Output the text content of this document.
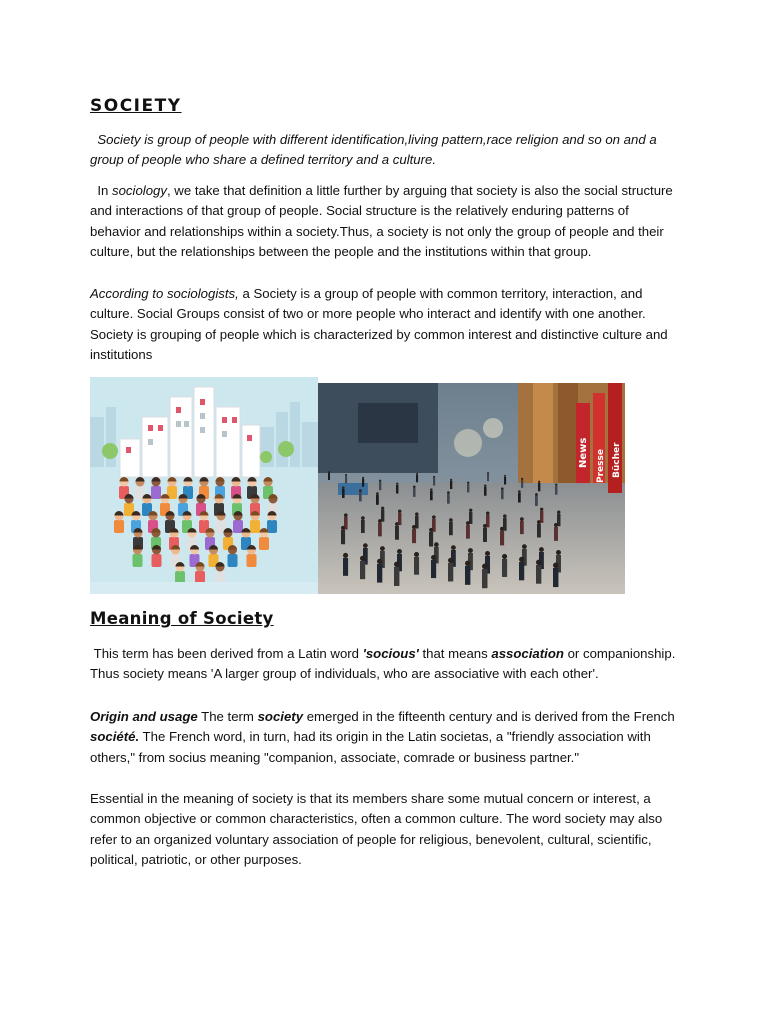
SOCIETY

Society is group of people with different identification,living pattern,race religion and so on and a group of people who share a defined territory and a culture.

In sociology, we take that definition a little further by arguing that society is also the social structure and interactions of that group of people. Social structure is the relatively enduring patterns of behavior and relationships within a society.Thus, a society is not only the group of people and their culture, but the relationships between the people and the institutions within that group.

According to sociologists, a Society is a group of people with common territory, interaction, and culture. Social Groups consist of two or more people who interact and identify with one another. Society is grouping of people which is characterized by common interest and distinctive culture and institutions

Meaning of Society

This term has been derived from a Latin word 'socious' that means association or companionship. Thus society means 'A larger group of individuals, who are associative with each other'.

Origin and usage The term society emerged in the fifteenth century and is derived from the French société. The French word, in turn, had its origin in the Latin societas, a "friendly association with others," from socius meaning "companion, associate, comrade or business partner."

Essential in the meaning of society is that its members share some mutual concern or interest, a common objective or common characteristics, often a common culture. The word society may also refer to an organized voluntary association of people for religious, benevolent, cultural, scientific, political, patriotic, or other purposes.

News Presse Bücher
